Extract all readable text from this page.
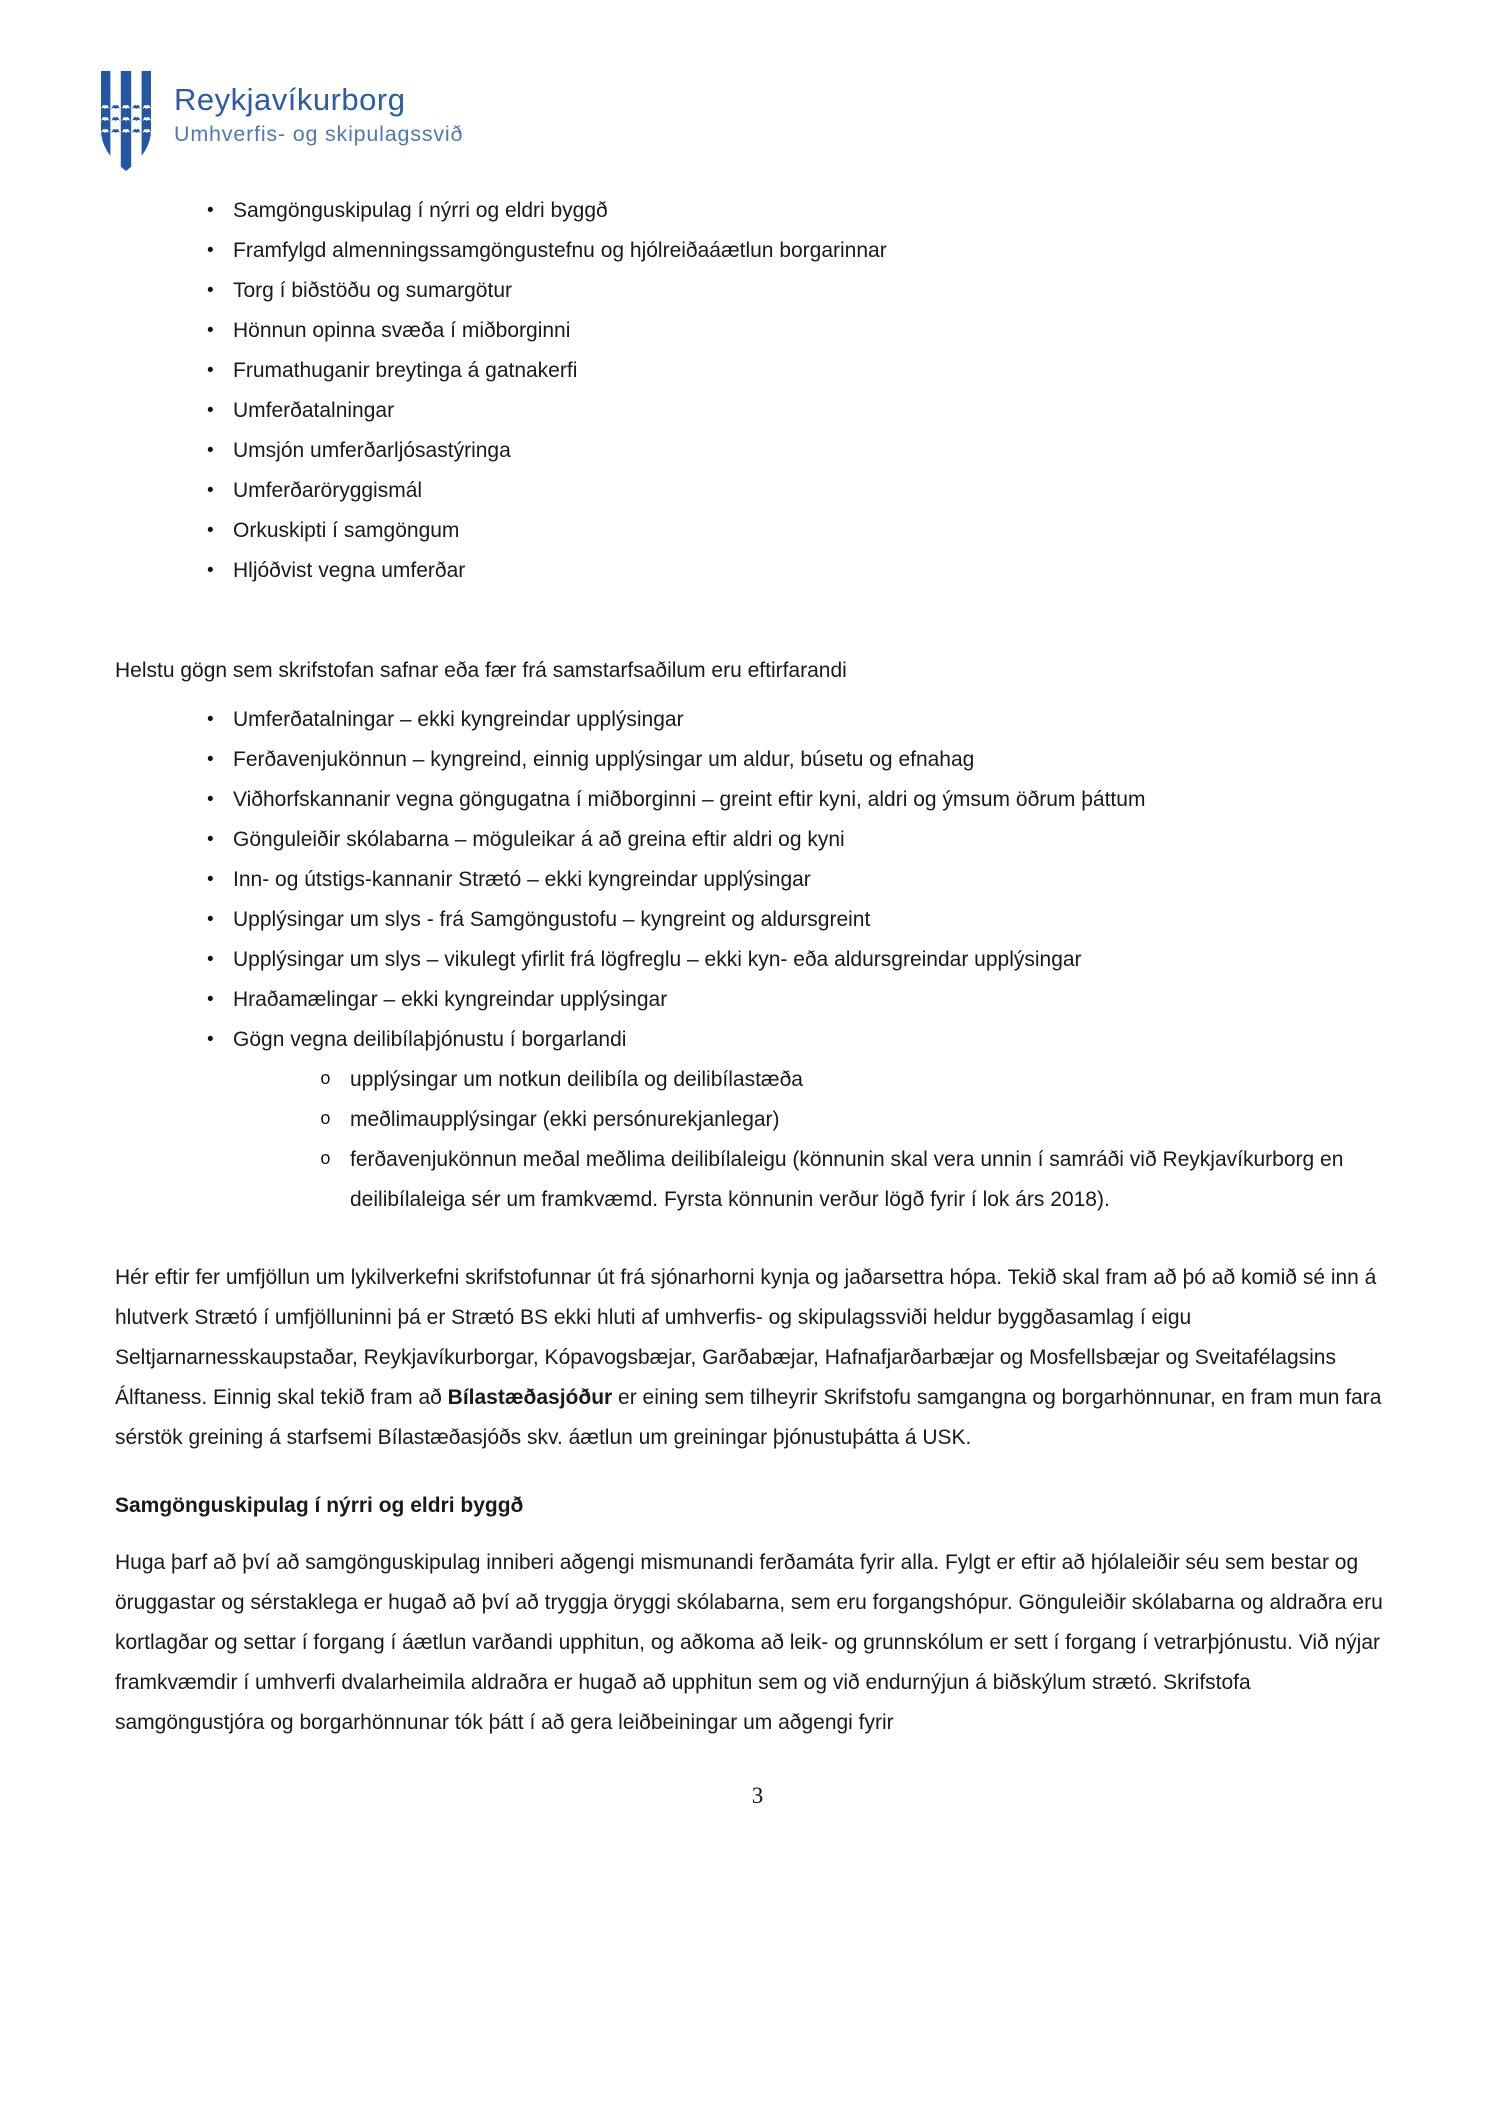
Reykjavíkurborg
Umhverfis- og skipulagssvið
• Samgönguskipulag í nýrri og eldri byggð
• Framfylgd almenningssamgöngustefnu og hjólreiðaáætlun borgarinnar
• Torg í biðstöðu og sumargötur
• Hönnun opinna svæða í miðborginni
• Frumathuganir breytinga á gatnakerfi
• Umferðatalningar
• Umsjón umferðarljósastýringa
• Umferðaröryggismál
• Orkuskipti í samgöngum
• Hljóðvist vegna umferðar

Helstu gögn sem skrifstofan safnar eða fær frá samstarfsaðilum eru eftirfarandi

• Umferðatalningar – ekki kyngreindar upplýsingar
• Ferðavenjukönnun – kyngreind, einnig upplýsingar um aldur, búsetu og efnahag
• Viðhorfskannanir vegna göngugatna í miðborginni – greint eftir kyni, aldri og ýmsum öðrum þáttum
• Gönguleiðir skólabarna – möguleikar á að greina eftir aldri og kyni
• Inn- og útstigs-kannanir Strætó – ekki kyngreindar upplýsingar
• Upplýsingar um slys - frá Samgöngustofu – kyngreint og aldursgreint
• Upplýsingar um slys – vikulegt yfirlit frá lögfreglu – ekki kyn- eða aldursgreindar upplýsingar
• Hraðamælingar – ekki kyngreindar upplýsingar
• Gögn vegna deilibílaþjónustu í borgarlandi
o upplýsingar um notkun deilibíla og deilibílastæða
o meðlimaupplýsingar (ekki persónurekjanlegar)
o ferðavenjukönnun meðal meðlima deilibílaleigu (könnunin skal vera unnin í samráði við Reykjavíkurborg en deilibílaleiga sér um framkvæmd. Fyrsta könnunin verður lögð fyrir í lok árs 2018).

Hér eftir fer umfjöllun um lykilverkefni skrifstofunnar út frá sjónarhorni kynja og jaðarsettra hópa. Tekið skal fram að þó að komið sé inn á hlutverk Strætó í umfjölluninni þá er Strætó BS ekki hluti af umhverfis- og skipulagssviði heldur byggðasamlag í eigu Seltjarnarnesskaupstaðar, Reykjavíkurborgar, Kópavogsbæjar, Garðabæjar, Hafnafjarðarbæjar og Mosfellsbæjar og Sveitafélagsins Álftaness. Einnig skal tekið fram að Bílastæðasjóður er eining sem tilheyrir Skrifstofu samgangna og borgarhönnunar, en fram mun fara sérstök greining á starfsemi Bílastæðasjóðs skv. áætlun um greiningar þjónustuþátta á USK.

Samgönguskipulag í nýrri og eldri byggð

Huga þarf að því að samgönguskipulag inniberi aðgengi mismunandi ferðamáta fyrir alla. Fylgt er eftir að hjólaleiðir séu sem bestar og öruggastar og sérstaklega er hugað að því að tryggja öryggi skólabarna, sem eru forgangshópur. Gönguleiðir skólabarna og aldraðra eru kortlagðar og settar í forgang í áætlun varðandi upphitun, og aðkoma að leik- og grunnskólum er sett í forgang í vetrarþjónustu. Við nýjar framkvæmdir í umhverfi dvalarheimila aldraðra er hugað að upphitun sem og við endurnýjun á biðskýlum strætó. Skrifstofa samgöngustjóra og borgarhönnunar tók þátt í að gera leiðbeiningar um aðgengi fyrir

3
